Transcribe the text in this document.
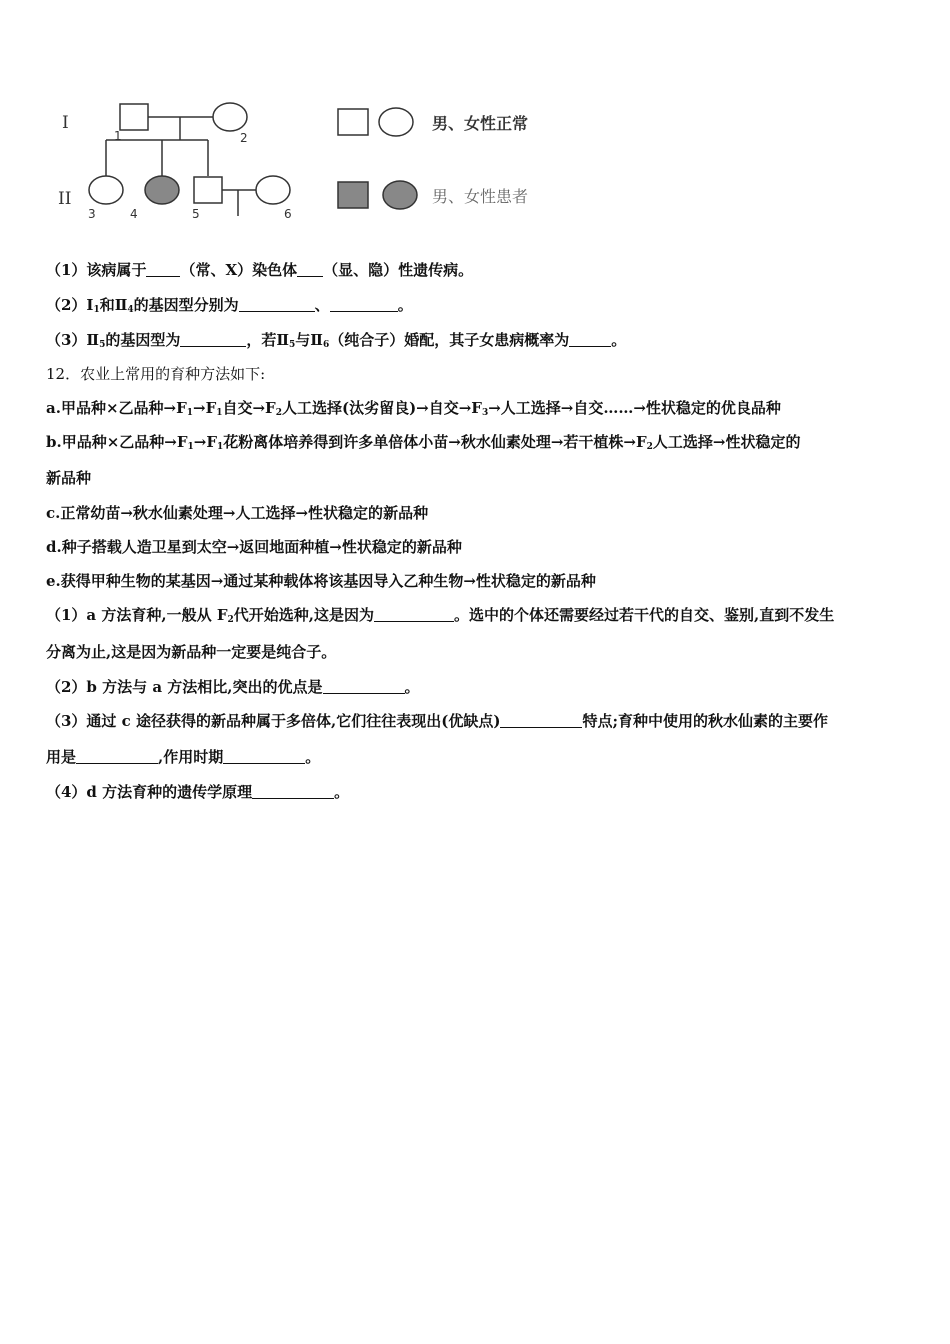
I
II
1	2
3	4	5	6
男、女性正常
男、女性患者
（1）该病属于 （常、X）染色体 （显、隐）性遗传病。
$(2)Ⅰ_1$和$Ⅱ_4$的基因型分别为	、	。
$(3)Ⅱ_5$的基因型为	，若$Ⅱ_5$与$Ⅱ_6$（纯合子）婚配，其子女患病概率为	。
12．农业上常用的育种方法如下:
a.甲品种×乙品种$\to F_1\to F_1$自交$\to F_2$人工选择(汰劣留良)→自交$\to F_3\to$人工选择→自交……→性状稳定的优良品种
b.甲品种×乙品种$\to F_1\to F_1$花粉离体培养得到许多单倍体小苗→秋水仙素处理→若干植株$\to F_2$人工选择→性状稳定的
新品种
c.正常幼苗→秋水仙素处理→人工选择→性状稳定的新品种
d.种子搭载人造卫星到太空→返回地面种植→性状稳定的新品种
e.获得甲种生物的某基因→通过某种载体将该基因导入乙种生物→性状稳定的新品种
（1）a 方法育种,一般从 $F_2$代开始选种,这是因为	。选中的个体还需要经过若干代的自交、鉴别,直到不发生
分离为止,这是因为新品种一定要是纯合子。
（2）b 方法与 a 方法相比,突出的优点是	。
（3）通过 c 途径获得的新品种属于多倍体,它们往往表现出(优缺点)	特点;育种中使用的秋水仙素的主要作
用是	,作用时期	。
（4）d 方法育种的遗传学原理	。
